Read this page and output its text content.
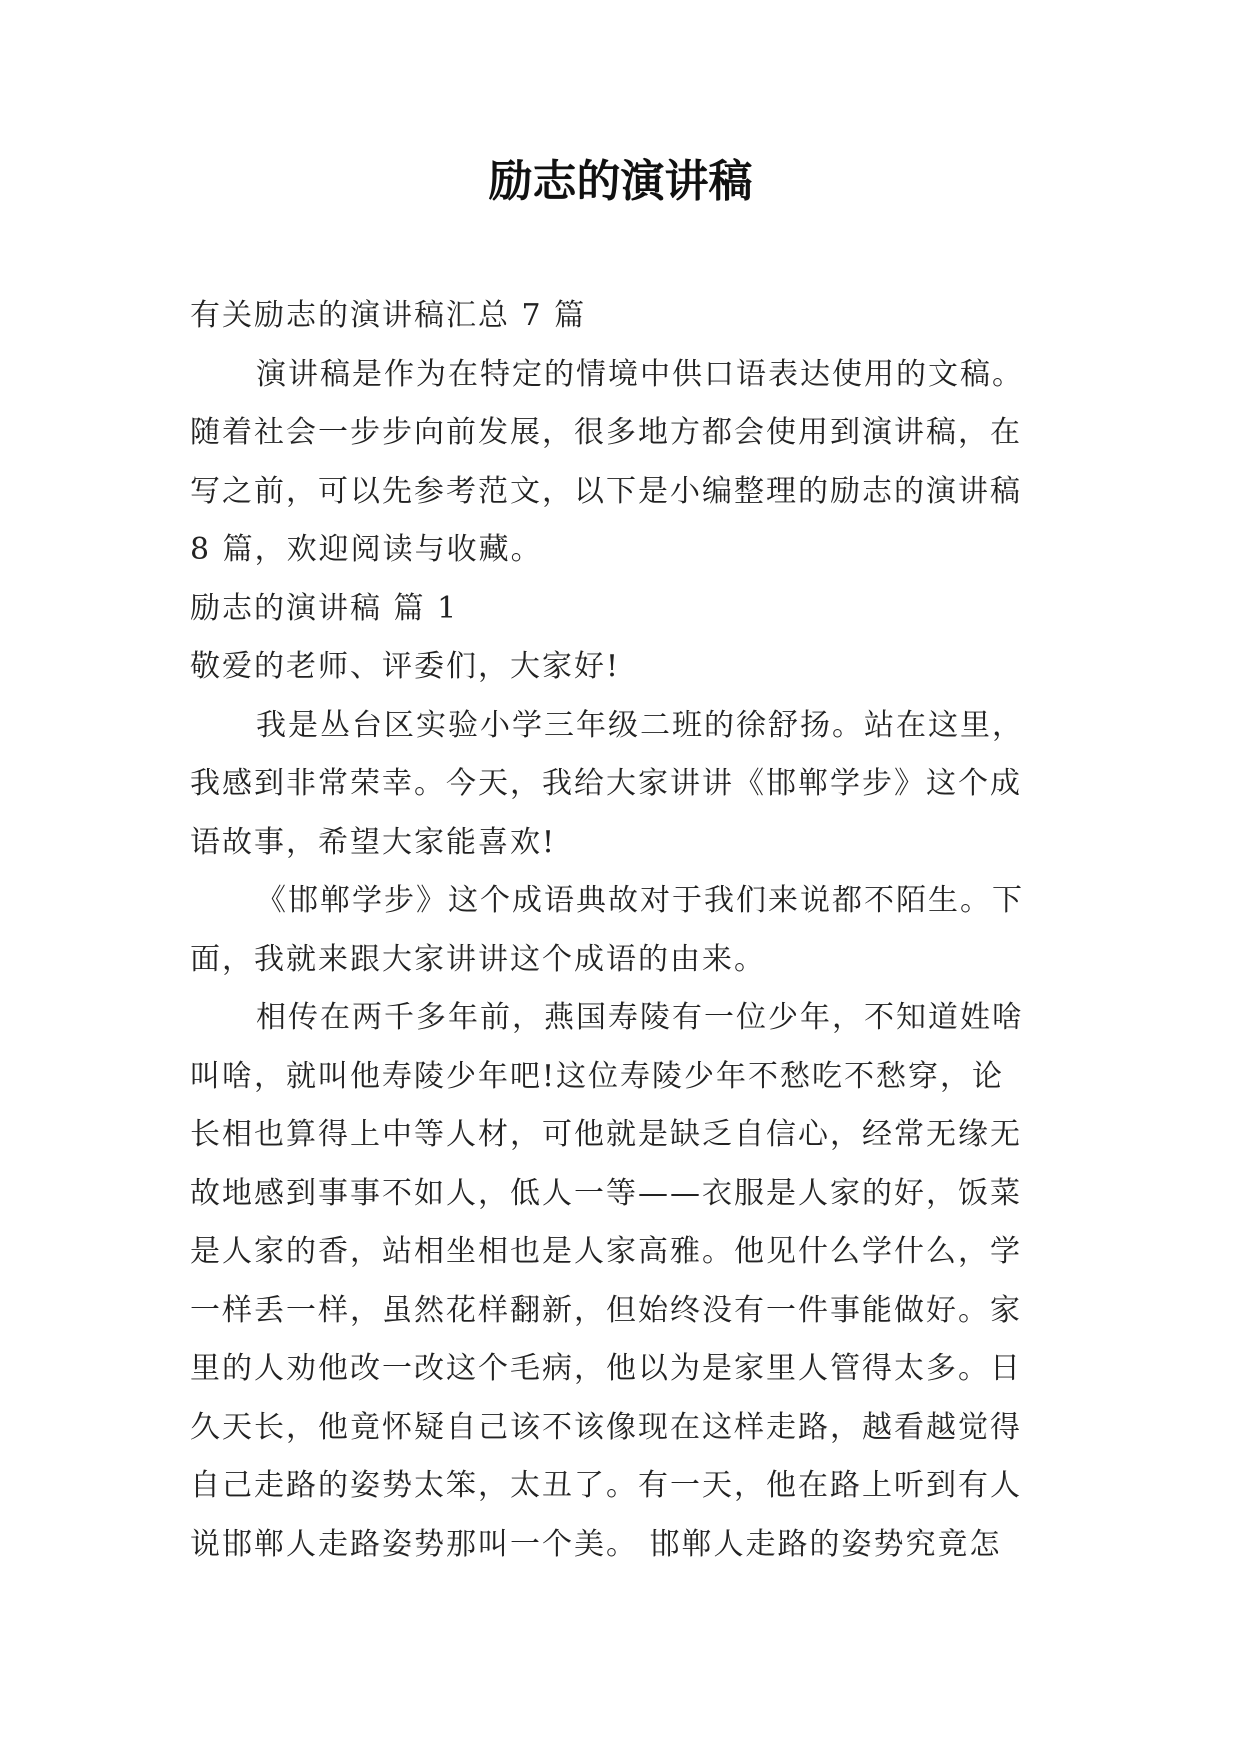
励志的演讲稿
有关励志的演讲稿汇总 7 篇
演讲稿是作为在特定的情境中供口语表达使用的文稿。
随着社会一步步向前发展，很多地方都会使用到演讲稿，在
写之前，可以先参考范文，以下是小编整理的励志的演讲稿
8 篇，欢迎阅读与收藏。
励志的演讲稿 篇 1
敬爱的老师、评委们，大家好!
我是丛台区实验小学三年级二班的徐舒扬。站在这里，
我感到非常荣幸。今天，我给大家讲讲《邯郸学步》这个成
语故事，希望大家能喜欢!
《邯郸学步》这个成语典故对于我们来说都不陌生。下
面，我就来跟大家讲讲这个成语的由来。
相传在两千多年前，燕国寿陵有一位少年，不知道姓啥
叫啥，就叫他寿陵少年吧!这位寿陵少年不愁吃不愁穿，论
长相也算得上中等人材，可他就是缺乏自信心，经常无缘无
故地感到事事不如人，低人一等——衣服是人家的好，饭菜
是人家的香，站相坐相也是人家高雅。他见什么学什么，学
一样丢一样，虽然花样翻新，但始终没有一件事能做好。家
里的人劝他改一改这个毛病，他以为是家里人管得太多。日
久天长，他竟怀疑自己该不该像现在这样走路，越看越觉得
自己走路的姿势太笨，太丑了。有一天，他在路上听到有人
说邯郸人走路姿势那叫一个美。 邯郸人走路的姿势究竟怎
